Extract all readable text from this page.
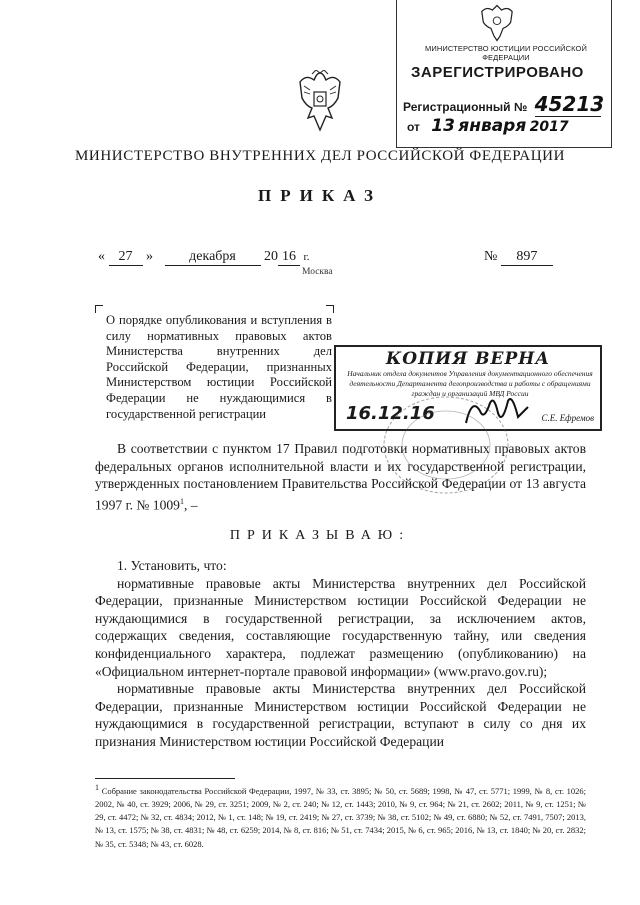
МИНИСТЕРСТВО ЮСТИЦИИ РОССИЙСКОЙ ФЕДЕРАЦИИ
ЗАРЕГИСТРИРОВАНО
Регистрационный № 45213
от 13 января 2017
МИНИСТЕРСТВО ВНУТРЕННИХ ДЕЛ РОССИЙСКОЙ ФЕДЕРАЦИИ
ПРИКАЗ
« 27 »	декабря 20 16 г.	№ 897
Москва

О порядке опубликования и вступления в силу нормативных правовых актов Министерства внутренних дел Российской Федерации, признанных Министерством юстиции Российской Федерации не нуждающимися в государственной регистрации

КОПИЯ ВЕРНА
Начальник отдела документов Управления документационного обеспечения деятельности Департамента делопроизводства и работы с обращениями граждан и организаций МВД России
16.12.16	С.Е. Ефремов

В соответствии с пунктом 17 Правил подготовки нормативных правовых актов федеральных органов исполнительной власти и их государственной регистрации, утвержденных постановлением Правительства Российской Федерации от 13 августа 1997 г. № 1009$^1$, –

ПРИКАЗЫВАЮ:

1. Установить, что:

нормативные правовые акты Министерства внутренних дел Российской Федерации, признанные Министерством юстиции Российской Федерации не нуждающимися в государственной регистрации, за исключением актов, содержащих сведения, составляющие государственную тайну, или сведения конфиденциального характера, подлежат размещению (опубликованию) на «Официальном интернет-портале правовой информации» (www.pravo.gov.ru);

нормативные правовые акты Министерства внутренних дел Российской Федерации, признанные Министерством юстиции Российской Федерации не нуждающимися в государственной регистрации, вступают в силу со дня их признания Министерством юстиции Российской Федерации

$^1$ Собрание законодательства Российской Федерации, 1997, № 33, ст. 3895; № 50, ст. 5689; 1998, № 47, ст. 5771; 1999, № 8, ст. 1026; 2002, № 40, ст. 3929; 2006, № 29, ст. 3251; 2009, № 2, ст. 240; № 12, ст. 1443; 2010, № 9, ст. 964; № 21, ст. 2602; 2011, № 9, ст. 1251; № 29, ст. 4472; № 32, ст. 4834; 2012, № 1, ст. 148; № 19, ст. 2419; № 27, ст. 3739; № 38, ст. 5102; № 49, ст. 6880; № 52, ст. 7491, 7507; 2013, № 13, ст. 1575; № 38, ст. 4831; № 48, ст. 6259; 2014, № 8, ст. 816; № 51, ст. 7434; 2015, № 6, ст. 965; 2016, № 13, ст. 1840; № 20, ст. 2832; № 35, ст. 5348; № 43, ст. 6028.
